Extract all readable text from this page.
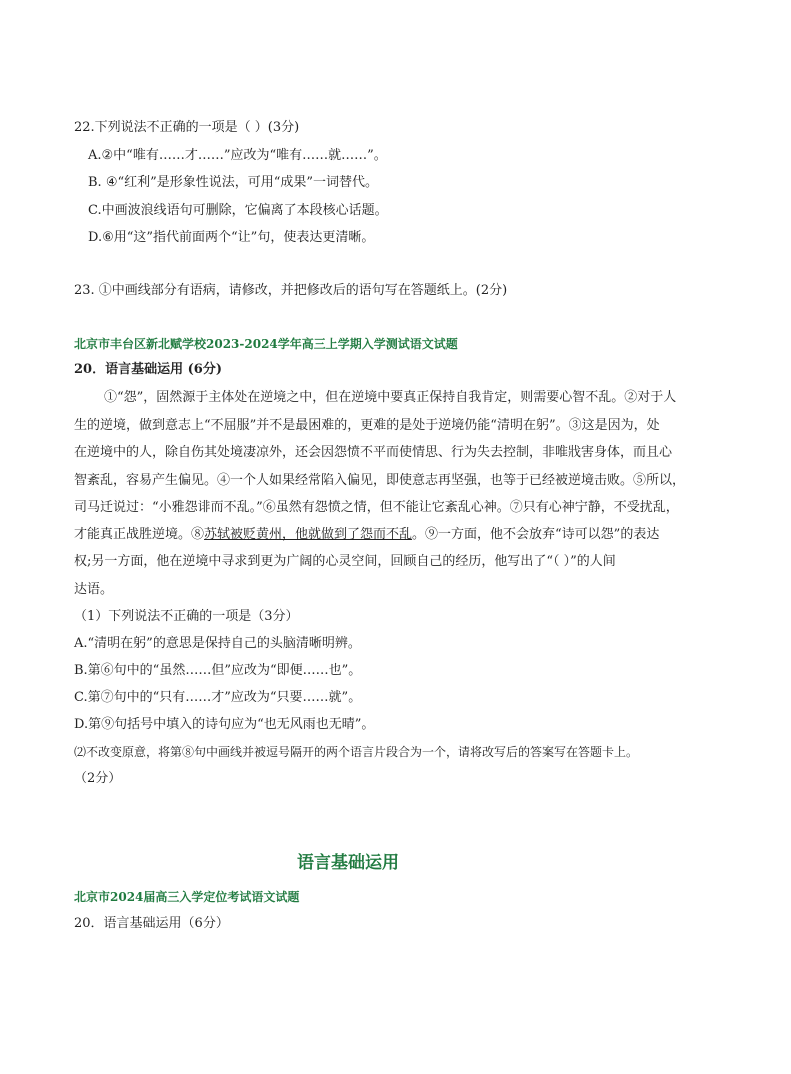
22.下列说法不正确的一项是（ ）(3分)
A.②中“唯有……才……”应改为“唯有……就……”。
B. ④“红利”是形象性说法，可用“成果”一词替代。
C.中画波浪线语句可删除，它偏离了本段核心话题。
D.⑥用“这”指代前面两个“让”句，使表达更清晰。
23. ①中画线部分有语病，请修改，并把修改后的语句写在答题纸上。(2分)
北京市丰台区新北赋学校2023-2024学年高三上学期入学测试语文试题
20．语言基础运用 (6分)
①“怨”，固然源于主体处在逆境之中，但在逆境中要真正保持自我肯定，则需要心智不乱。②对于人
生的逆境，做到意志上“不屈服”并不是最困难的，更难的是处于逆境仍能“清明在躬”。③这是因为，处
在逆境中的人，除自伤其处境凄凉外，还会因怨愤不平而使情思、行为失去控制，非唯戕害身体，而且心
智紊乱，容易产生偏见。④一个人如果经常陷入偏见，即使意志再坚强，也等于已经被逆境击败。⑤所以，
司马迁说过：“小雅怨诽而不乱。”⑥虽然有怨愤之情，但不能让它紊乱心神。⑦只有心神宁静，不受扰乱，
才能真正战胜逆境。⑧苏轼被贬黄州，他就做到了怨而不乱。⑨一方面，他不会放弃“诗可以怨”的表达
权;另一方面，他在逆境中寻求到更为广阔的心灵空间，回顾自己的经历，他写出了“（ ）”的人间
达语。
（1）下列说法不正确的一项是（3分）
A.“清明在躬”的意思是保持自己的头脑清晰明辨。
B.第⑥句中的“虽然……但”应改为“即便……也”。
C.第⑦句中的“只有……才”应改为“只要……就”。
D.第⑨句括号中填入的诗句应为“也无风雨也无晴”。
⑵不改变原意，将第⑧句中画线并被逗号隔开的两个语言片段合为一个，请将改写后的答案写在答题卡上。
（2分）
语言基础运用
北京市2024届高三入学定位考试语文试题
20．语言基础运用（6分）
